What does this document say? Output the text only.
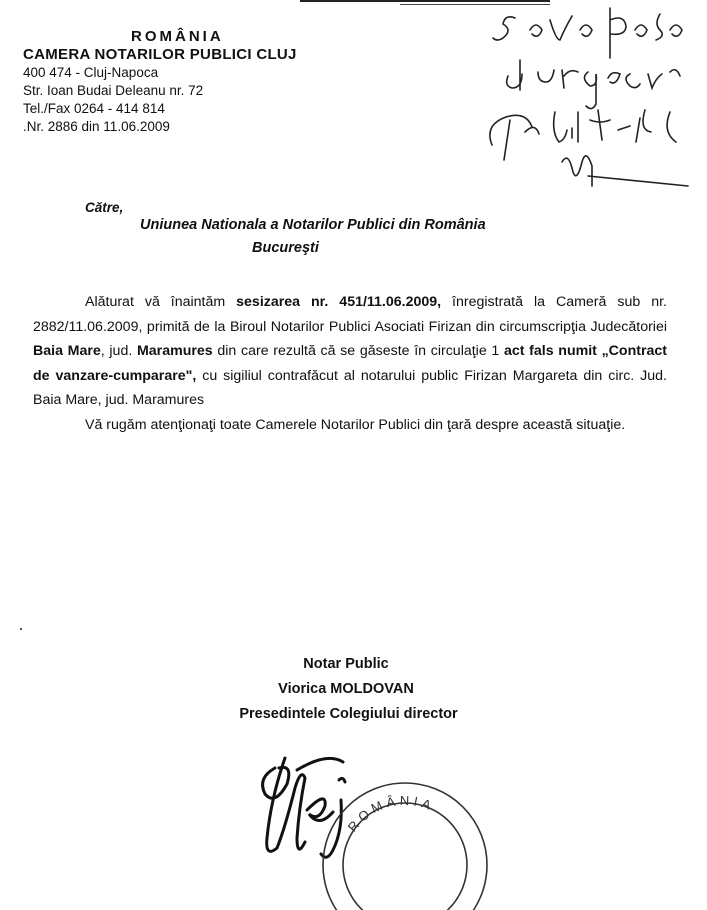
ROMÂNIA
CAMERA NOTARILOR PUBLICI CLUJ
400 474 - Cluj-Napoca
Str. Ioan Budai Deleanu nr. 72
Tel./Fax 0264 - 414 814
.Nr. 2886 din 11.06.2009
Către,
Uniunea Nationala a Notarilor Publici din România
Bucureşti

Alăturat vă înaintăm sesizarea nr. 451/11.06.2009, înregistrată la Cameră sub nr. 2882/11.06.2009, primită de la Biroul Notarilor Publici Asociati Firizan din circumscripţia Judecătoriei Baia Mare, jud. Maramures din care rezultă că se găseste în circulaţie 1 act fals numit „Contract de vanzare-cumparare", cu sigiliul contrafăcut al notarului public Firizan Margareta din circ. Jud. Baia Mare, jud. Maramures

Vă rugăm atenţionaţi toate Camerele Notarilor Publici din ţară despre această situaţie.

Notar Public
Viorica MOLDOVAN
Presedintele Colegiului director
ROMÂNIA
